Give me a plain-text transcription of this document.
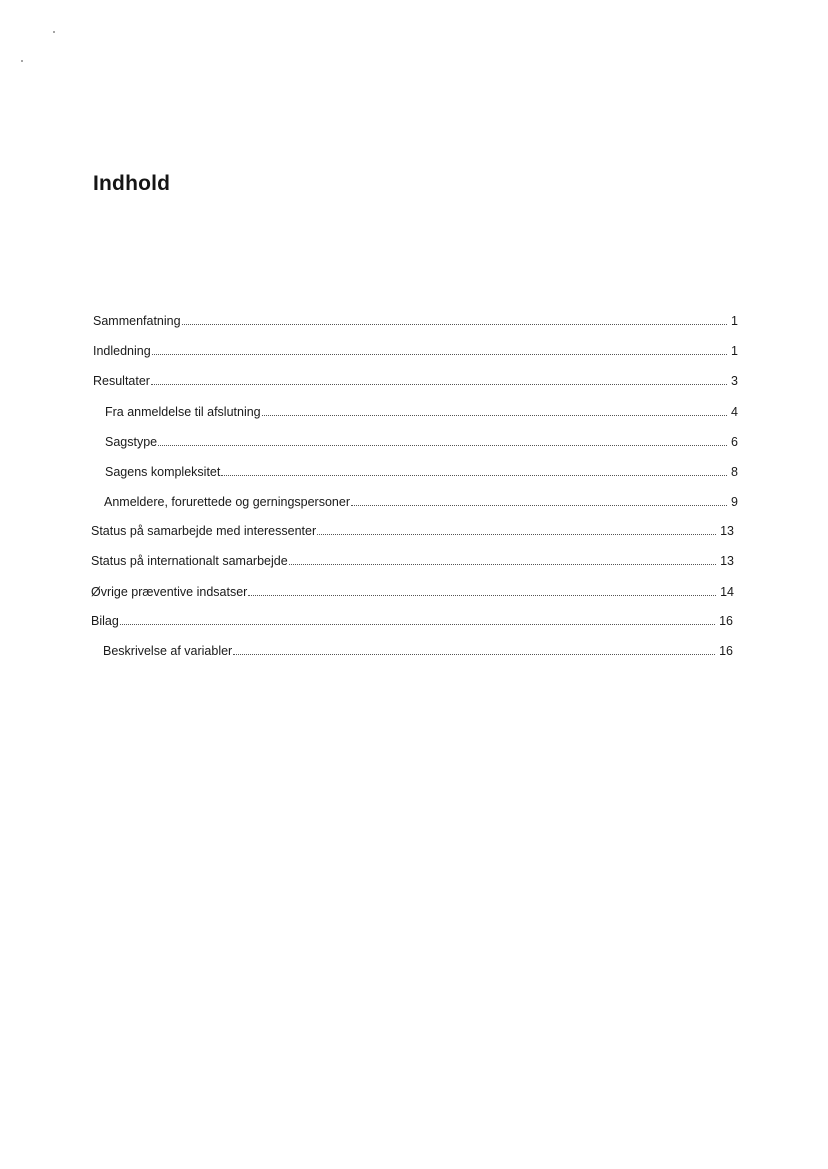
Indhold
Sammenfatning	1
Indledning	1
Resultater	3
Fra anmeldelse til afslutning	4
Sagstype	6
Sagens kompleksitet	8
Anmeldere, forurettede og gerningspersoner	9
Status på samarbejde med interessenter	13
Status på internationalt samarbejde	13
Øvrige præventive indsatser	14
Bilag	16
Beskrivelse af variabler	16
